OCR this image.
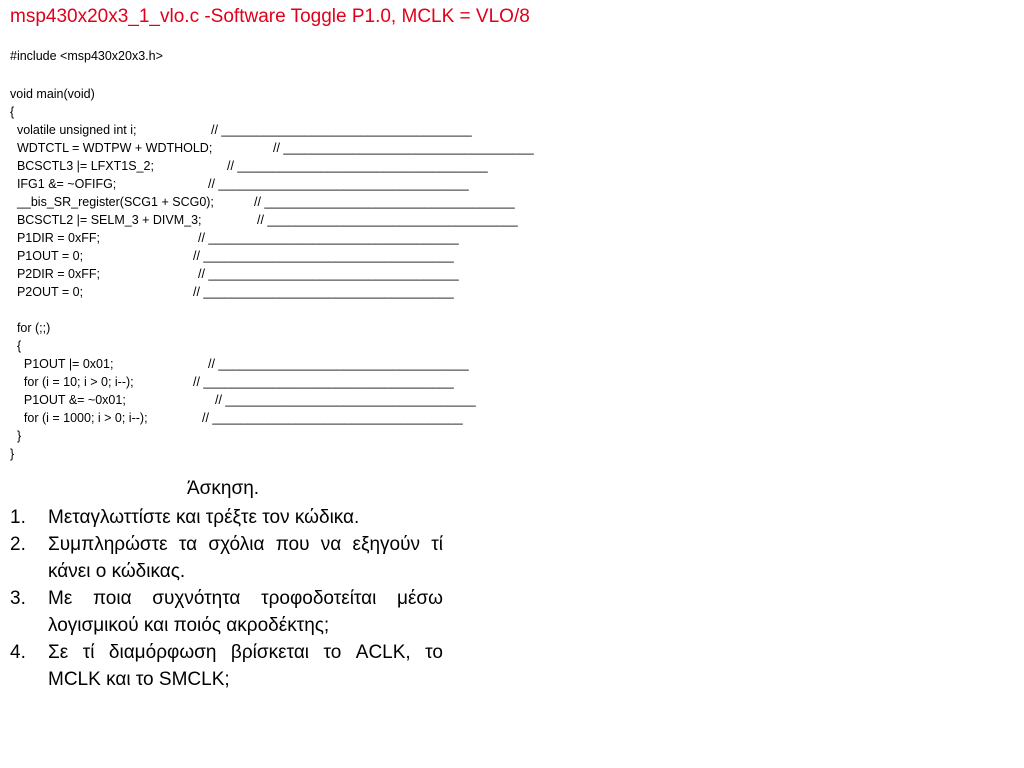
msp430x20x3_1_vlo.c -Software Toggle P1.0, MCLK = VLO/8
#include <msp430x20x3.h>
void main(void)
{
volatile unsigned int i;	// ____________________________________
WDTCTL = WDTPW + WDTHOLD;	// ____________________________________
BCSCTL3 |= LFXT1S_2;	// ____________________________________
IFG1 &= ~OFIFG;	// ____________________________________
__bis_SR_register(SCG1 + SCG0);	// ____________________________________
BCSCTL2 |= SELM_3 + DIVM_3;	// ____________________________________
P1DIR = 0xFF;	// ____________________________________
P1OUT = 0;	// ____________________________________
P2DIR = 0xFF;	// ____________________________________
P2OUT = 0;	// ____________________________________
for (;;)
{
P1OUT |= 0x01;	// ____________________________________
for (i = 10; i > 0; i--);	// ____________________________________
P1OUT &= ~0x01;	// ____________________________________
for (i = 1000; i > 0; i--);	// ____________________________________
}
}
Άσκηση.
1. Μεταγλωττίστε και τρέξτε τον κώδικα.
2. Συμπληρώστε τα σχόλια που να εξηγούν τί κάνει ο κώδικας.
3. Με ποια συχνότητα τροφοδοτείται μέσω λογισμικού και ποιός ακροδέκτης;
4. Σε τί διαμόρφωση βρίσκεται το ACLK, το MCLK και το SMCLK;
